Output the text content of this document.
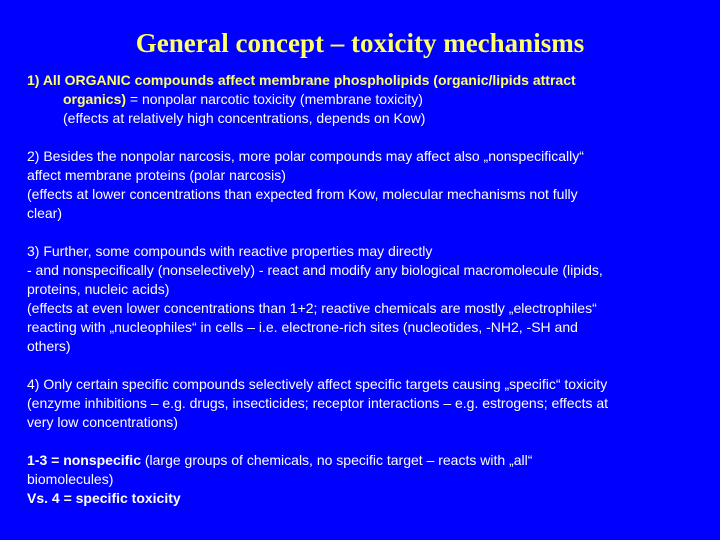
General concept – toxicity mechanisms

1) All ORGANIC compounds affect membrane phospholipids (organic/lipids attract

organics) = nonpolar narcotic toxicity (membrane toxicity)

(effects at relatively high concentrations, depends on Kow)

2) Besides the nonpolar narcosis, more polar compounds may affect also „nonspecifically“

affect membrane proteins (polar narcosis)

(effects at lower concentrations than expected from Kow, molecular mechanisms not fully

clear)

3) Further, some compounds with reactive properties may directly

- and nonspecifically (nonselectively) - react and modify any biological macromolecule (lipids,

proteins, nucleic acids)

(effects at even lower concentrations than 1+2; reactive chemicals are mostly „electrophiles“

reacting with „nucleophiles“ in cells – i.e. electrone-rich sites (nucleotides, -NH2, -SH and

others)

4) Only certain specific compounds selectively affect specific targets causing „specific“ toxicity

(enzyme inhibitions – e.g. drugs, insecticides; receptor interactions – e.g. estrogens; effects at

very low concentrations)

1-3 = nonspecific (large groups of chemicals, no specific target – reacts with „all“

biomolecules)

Vs. 4 = specific toxicity
